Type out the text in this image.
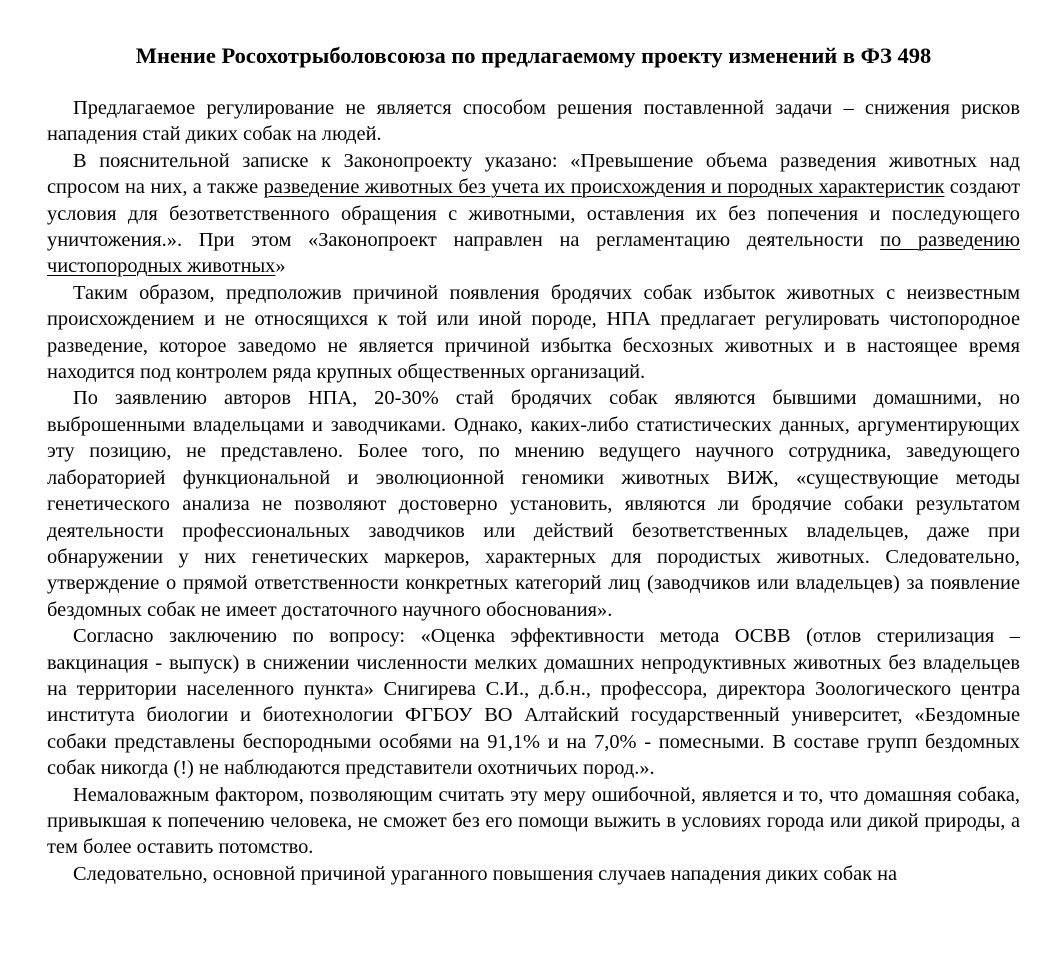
Мнение Росохотрыболовсоюза по предлагаемому проекту изменений в ФЗ 498

Предлагаемое регулирование не является способом решения поставленной задачи – снижения рисков нападения стай диких собак на людей.

В пояснительной записке к Законопроекту указано: «Превышение объема разведения животных над спросом на них, а также разведение животных без учета их происхождения и породных характеристик создают условия для безответственного обращения с животными, оставления их без попечения и последующего уничтожения.». При этом «Законопроект направлен на регламентацию деятельности по разведению чистопородных животных»

Таким образом, предположив причиной появления бродячих собак избыток животных с неизвестным происхождением и не относящихся к той или иной породе, НПА предлагает регулировать чистопородное разведение, которое заведомо не является причиной избытка бесхозных животных и в настоящее время находится под контролем ряда крупных общественных организаций.

По заявлению авторов НПА, 20-30% стай бродячих собак являются бывшими домашними, но выброшенными владельцами и заводчиками. Однако, каких-либо статистических данных, аргументирующих эту позицию, не представлено. Более того, по мнению ведущего научного сотрудника, заведующего лабораторией функциональной и эволюционной геномики животных ВИЖ, «существующие методы генетического анализа не позволяют достоверно установить, являются ли бродячие собаки результатом деятельности профессиональных заводчиков или действий безответственных владельцев, даже при обнаружении у них генетических маркеров, характерных для породистых животных. Следовательно, утверждение о прямой ответственности конкретных категорий лиц (заводчиков или владельцев) за появление бездомных собак не имеет достаточного научного обоснования».

Согласно заключению по вопросу: «Оценка эффективности метода ОСВВ (отлов стерилизация – вакцинация - выпуск) в снижении численности мелких домашних непродуктивных животных без владельцев на территории населенного пункта» Снигирева С.И., д.б.н., профессора, директора Зоологического центра института биологии и биотехнологии ФГБОУ ВО Алтайский государственный университет, «Бездомные собаки представлены беспородными особями на 91,1% и на 7,0% - помесными. В составе групп бездомных собак никогда (!) не наблюдаются представители охотничьих пород.».

Немаловажным фактором, позволяющим считать эту меру ошибочной, является и то, что домашняя собака, привыкшая к попечению человека, не сможет без его помощи выжить в условиях города или дикой природы, а тем более оставить потомство.

Следовательно, основной причиной ураганного повышения случаев нападения диких собак на
